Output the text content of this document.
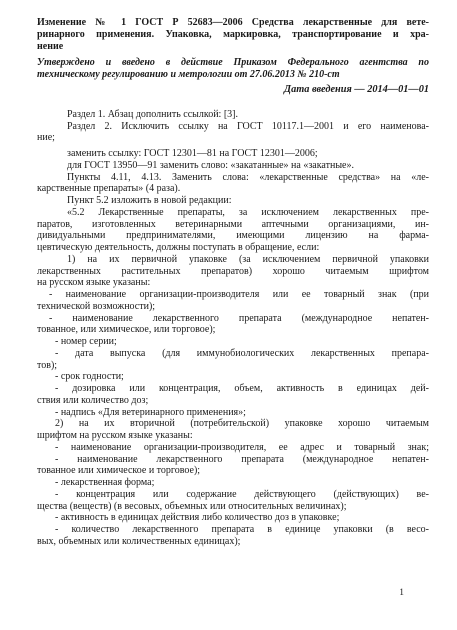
Изменение № 1 ГОСТ Р 52683—2006 Средства лекарственные для вете-
ринарного применения. Упаковка, маркировка, транспортирование и хра-
нение
Утверждено и введено в действие Приказом Федерального агентства по
техническому регулированию и метрологии от 27.06.2013 № 210-ст
Дата введения — 2014—01—01
Раздел 1. Абзац дополнить ссылкой: [3].
Раздел 2. Исключить ссылку на ГОСТ 10117.1—2001 и его наименова-
ние;
заменить ссылку: ГОСТ 12301—81 на ГОСТ 12301—2006;
для ГОСТ 13950—91 заменить слово: «закатанные» на «закатные».
Пункты 4.11, 4.13. Заменить слова: «лекарственные средства» на «ле-
карственные препараты» (4 раза).
Пункт 5.2 изложить в новой редакции:
«5.2 Лекарственные препараты, за исключением лекарственных пре-
паратов, изготовленных ветеринарными аптечными организациями, ин-
дивидуальными предпринимателями, имеющими лицензию на фарма-
цевтическую деятельность, должны поступать в обращение, если:
1) на их первичной упаковке (за исключением первичной упаковки
лекарственных растительных препаратов) хорошо читаемым шрифтом
на русском языке указаны:
- наименование организации-производителя или ее товарный знак (при
технической возможности);
- наименование лекарственного препарата (международное непатен-
тованное, или химическое, или торговое);
- номер серии;
- дата выпуска (для иммунобиологических лекарственных препара-
тов);
- срок годности;
- дозировка или концентрация, объем, активность в единицах дей-
ствия или количество доз;
- надпись «Для ветеринарного применения»;
2) на их вторичной (потребительской) упаковке хорошо читаемым
шрифтом на русском языке указаны:
- наименование организации-производителя, ее адрес и товарный знак;
- наименование лекарственного препарата (международное непатен-
тованное или химическое и торговое);
- лекарственная форма;
- концентрация или содержание действующего (действующих) ве-
щества (веществ) (в весовых, объемных или относительных величинах);
- активность в единицах действия либо количество доз в упаковке;
- количество лекарственного препарата в единице упаковки (в весо-
вых, объемных или количественных единицах);
1
